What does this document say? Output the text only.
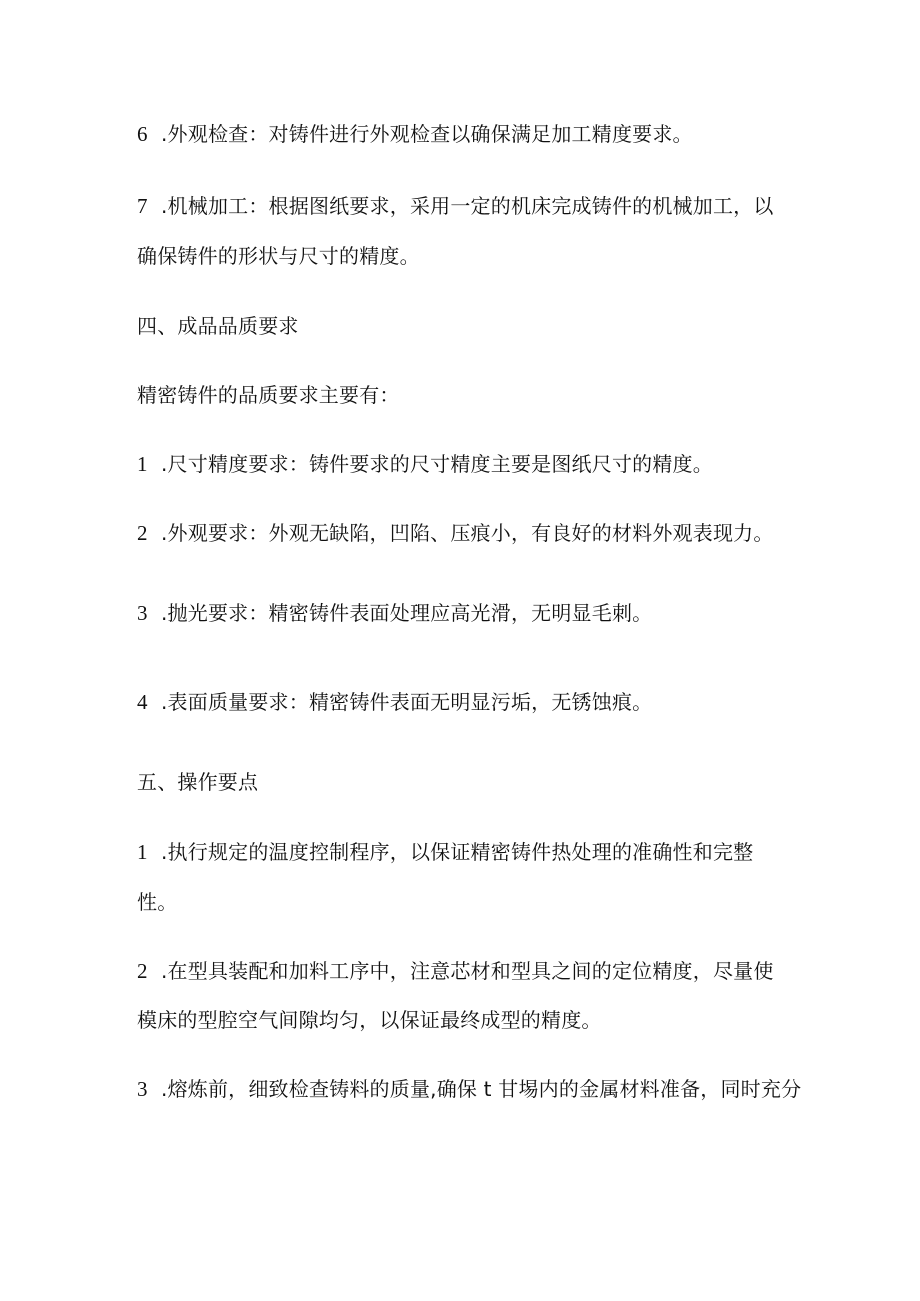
6 .外观检查：对铸件进行外观检查以确保满足加工精度要求。
7 .机械加工：根据图纸要求，采用一定的机床完成铸件的机械加工，以
确保铸件的形状与尺寸的精度。
四、成品品质要求
精密铸件的品质要求主要有：
1 .尺寸精度要求：铸件要求的尺寸精度主要是图纸尺寸的精度。
2 .外观要求：外观无缺陷，凹陷、压痕小，有良好的材料外观表现力。
3 .抛光要求：精密铸件表面处理应高光滑，无明显毛刺。
4 .表面质量要求：精密铸件表面无明显污垢，无锈蚀痕。
五、操作要点
1 .执行规定的温度控制程序，以保证精密铸件热处理的准确性和完整
性。
2 .在型具装配和加料工序中，注意芯材和型具之间的定位精度，尽量使
模床的型腔空气间隙均匀，以保证最终成型的精度。
3 .熔炼前，细致检查铸料的质量,确保 t 甘埸内的金属材料准备，同时充分
